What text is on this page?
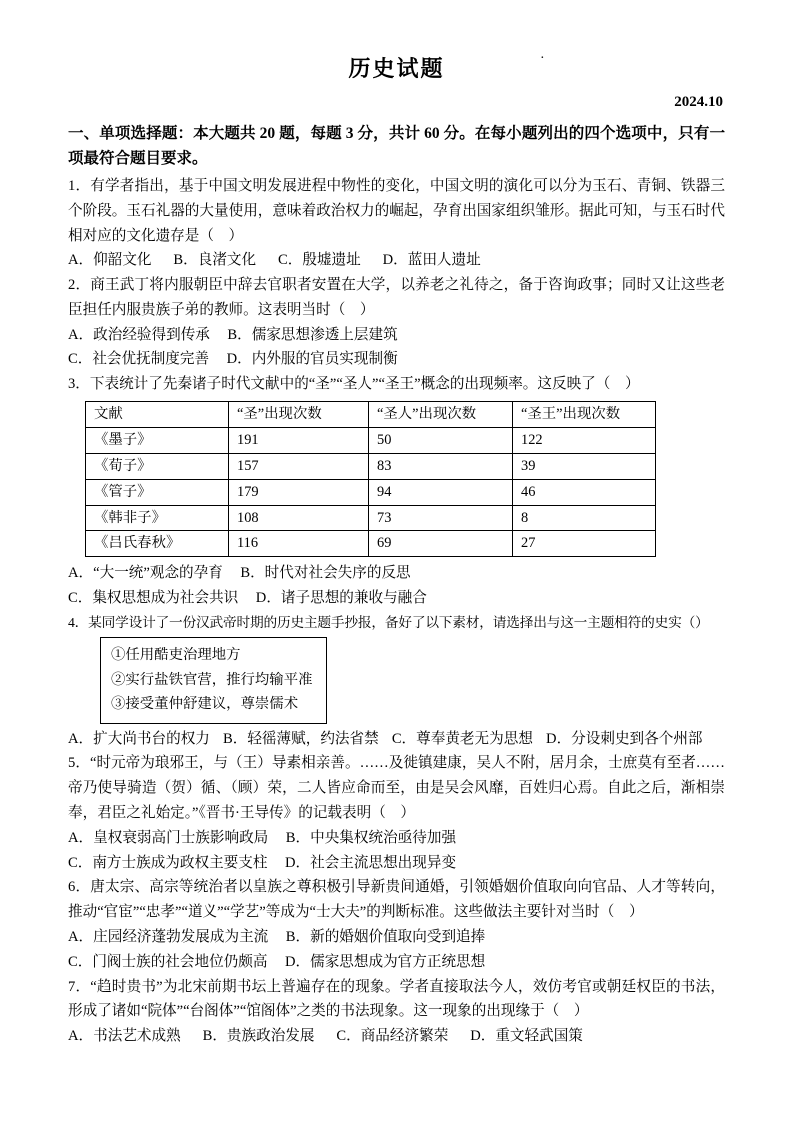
·
历史试题
2024.10
一、单项选择题：本大题共 20 题，每题 3 分，共计 60 分。在每小题列出的四个选项中，只有一项最符合题目要求。

1．有学者指出，基于中国文明发展进程中物性的变化，中国文明的演化可以分为玉石、青铜、铁器三个阶段。玉石礼器的大量使用，意味着政治权力的崛起，孕育出国家组织雏形。据此可知，与玉石时代相对应的文化遗存是（　）

A．仰韶文化 B．良渚文化 C．殷墟遗址 D．蓝田人遗址

2．商王武丁将内服朝臣中辞去官职者安置在大学，以养老之礼待之，备于咨询政事；同时又让这些老臣担任内服贵族子弟的教师。这表明当时（　）

A．政治经验得到传承 B．儒家思想渗透上层建筑

C．社会优抚制度完善 D．内外服的官员实现制衡

3．下表统计了先秦诸子时代文献中的“圣”“圣人”“圣王”概念的出现频率。这反映了（　）

文献	“圣”出现次数	“圣人”出现次数	“圣王”出现次数
《墨子》	191	50	122
《荀子》	157	83	39
《管子》	179	94	46
《韩非子》	108	73	8
《吕氏春秋》	116	69	27

A．“大一统”观念的孕育 B．时代对社会失序的反思

C．集权思想成为社会共识 D．诸子思想的兼收与融合

4．某同学设计了一份汉武帝时期的历史主题手抄报，备好了以下素材，请选择出与这一主题相符的史实（）

①任用酷吏治理地方
②实行盐铁官营，推行均输平准
③接受董仲舒建议，尊崇儒术

A．扩大尚书台的权力 B．轻徭薄赋，约法省禁 C．尊奉黄老无为思想 D．分设刺史到各个州部

5．“时元帝为琅邪王，与（王）导素相亲善。……及徙镇建康，吴人不附，居月余，士庶莫有至者……帝乃使导骑造（贺）循、（顾）荣，二人皆应命而至，由是吴会风靡，百姓归心焉。自此之后，渐相崇奉，君臣之礼始定。”《晋书·王导传》的记载表明（　）

A．皇权衰弱高门士族影响政局 B．中央集权统治亟待加强

C．南方士族成为政权主要支柱 D．社会主流思想出现异变

6．唐太宗、高宗等统治者以皇族之尊积极引导新贵间通婚，引领婚姻价值取向向官品、人才等转向，推动“官宦”“忠孝”“道义”“学艺”等成为“士大夫”的判断标准。这些做法主要针对当时（　）

A．庄园经济蓬勃发展成为主流 B．新的婚姻价值取向受到追捧

C．门阀士族的社会地位仍颇高 D．儒家思想成为官方正统思想

7．“趋时贵书”为北宋前期书坛上普遍存在的现象。学者直接取法今人，效仿考官或朝廷权臣的书法，形成了诸如“院体”“台阁体”“馆阁体”之类的书法现象。这一现象的出现缘于（　）

A．书法艺术成熟 B．贵族政治发展 C．商品经济繁荣 D．重文轻武国策
